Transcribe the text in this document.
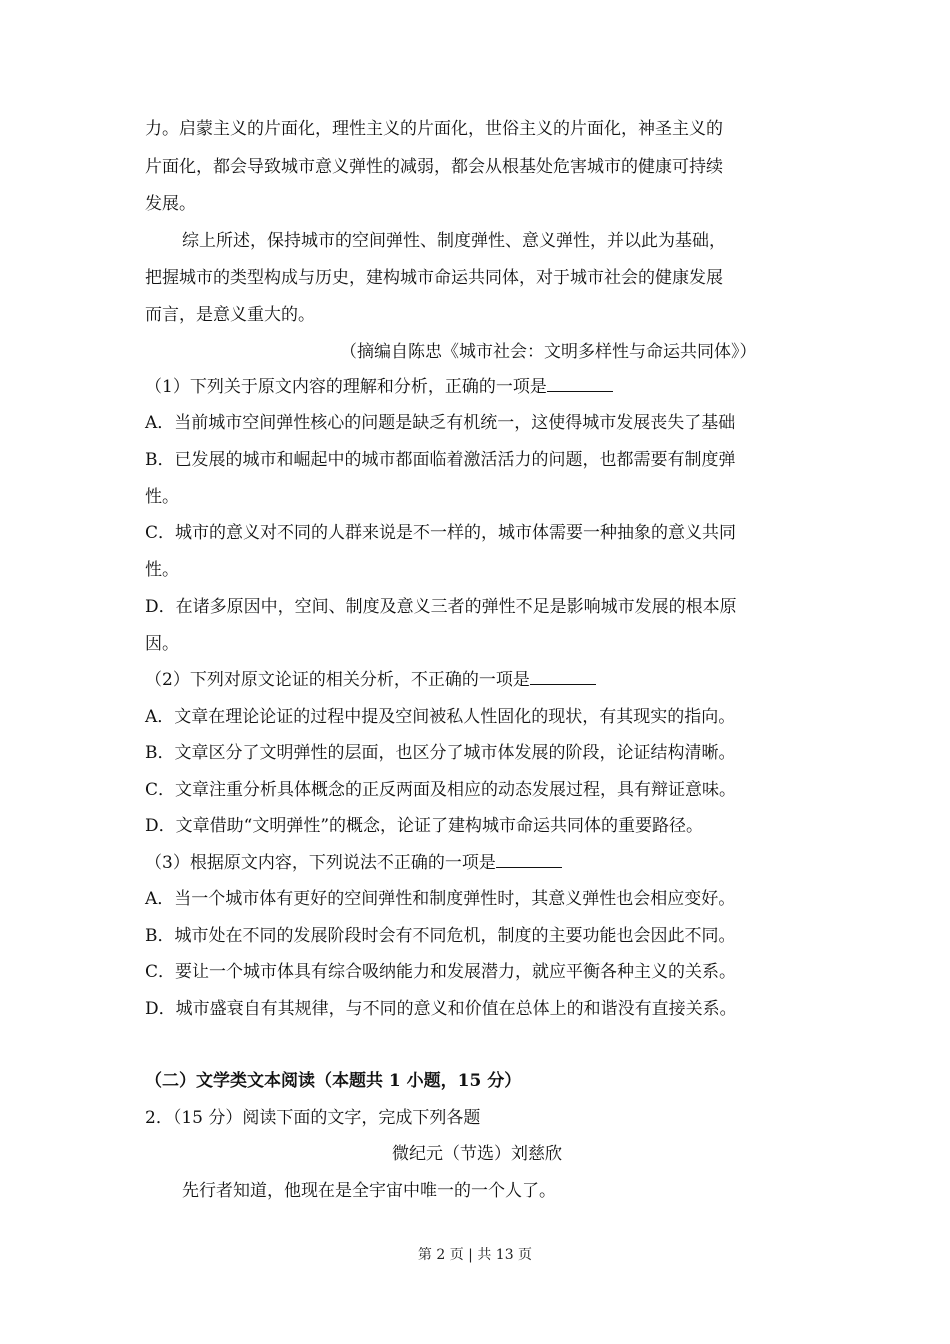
力。启蒙主义的片面化，理性主义的片面化，世俗主义的片面化，神圣主义的
片面化，都会导致城市意义弹性的减弱，都会从根基处危害城市的健康可持续
发展。
综上所述，保持城市的空间弹性、制度弹性、意义弹性，并以此为基础，
把握城市的类型构成与历史，建构城市命运共同体，对于城市社会的健康发展
而言，是意义重大的。
（摘编自陈忠《城市社会：文明多样性与命运共同体》）
（1）下列关于原文内容的理解和分析，正确的一项是
A．当前城市空间弹性核心的问题是缺乏有机统一，这使得城市发展丧失了基础
B．已发展的城市和崛起中的城市都面临着激活活力的问题，也都需要有制度弹
性。
C．城市的意义对不同的人群来说是不一样的，城市体需要一种抽象的意义共同
性。
D．在诸多原因中，空间、制度及意义三者的弹性不足是影响城市发展的根本原
因。
（2）下列对原文论证的相关分析，不正确的一项是
A．文章在理论论证的过程中提及空间被私人性固化的现状，有其现实的指向。
B．文章区分了文明弹性的层面，也区分了城市体发展的阶段，论证结构清晰。
C．文章注重分析具体概念的正反两面及相应的动态发展过程，具有辩证意味。
D．文章借助“文明弹性”的概念，论证了建构城市命运共同体的重要路径。
（3）根据原文内容，下列说法不正确的一项是
A．当一个城市体有更好的空间弹性和制度弹性时，其意义弹性也会相应变好。
B．城市处在不同的发展阶段时会有不同危机，制度的主要功能也会因此不同。
C．要让一个城市体具有综合吸纳能力和发展潜力，就应平衡各种主义的关系。
D．城市盛衰自有其规律，与不同的意义和价值在总体上的和谐没有直接关系。
（二）文学类文本阅读（本题共 1 小题，15 分）
2．（15 分）阅读下面的文字，完成下列各题
微纪元（节选）刘慈欣
先行者知道，他现在是全宇宙中唯一的一个人了。
第 2 页 | 共 13 页
